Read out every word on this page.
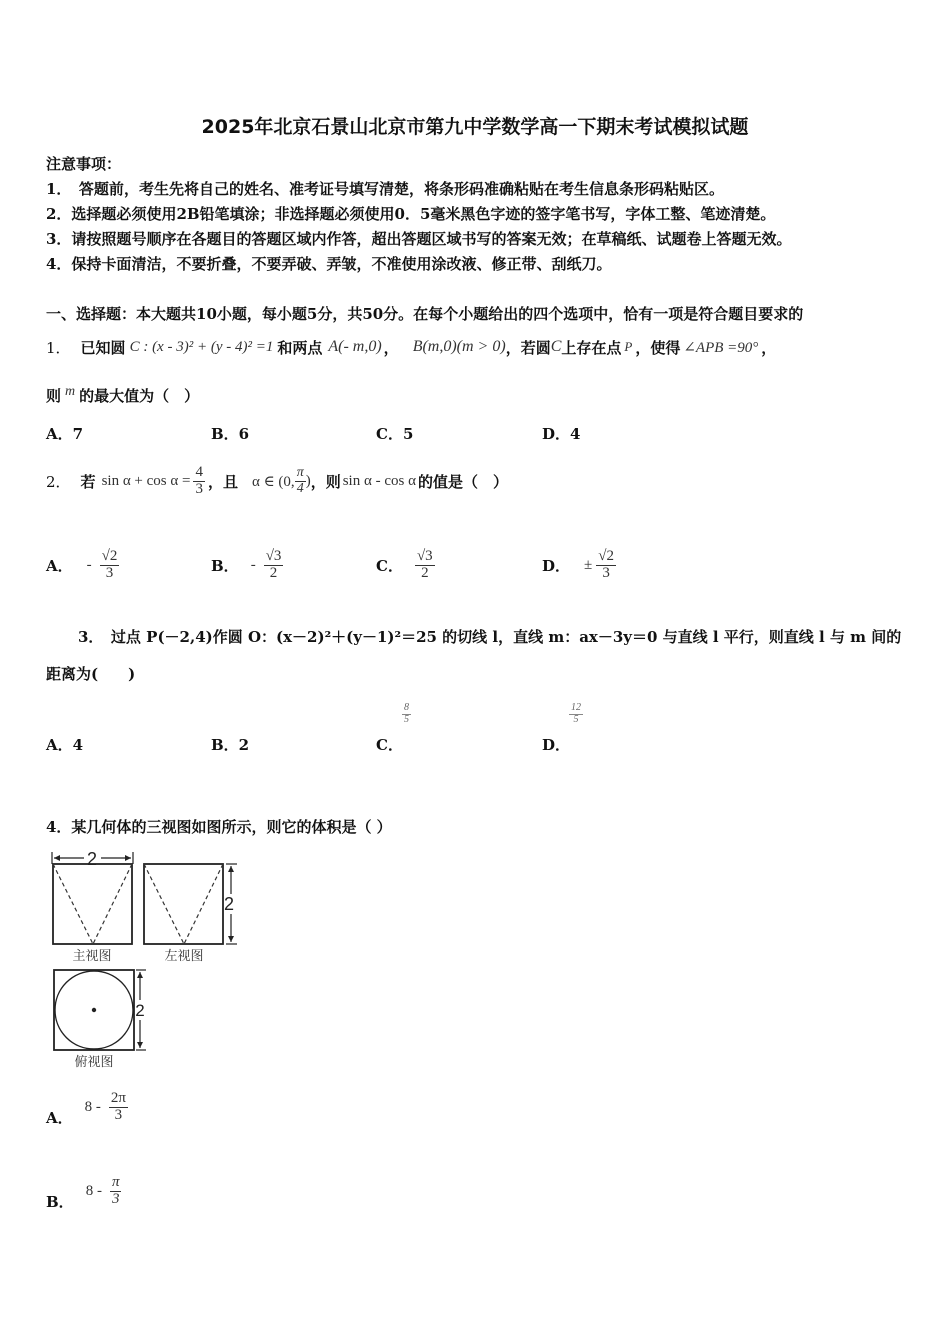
2025年北京石景山北京市第九中学数学高一下期末考试模拟试题
注意事项：
1．　答题前，考生先将自己的姓名、准考证号填写清楚，将条形码准确粘贴在考生信息条形码粘贴区。
2．选择题必须使用2B铅笔填涂；非选择题必须使用0．5毫米黑色字迹的签字笔书写，字体工整、笔迹清楚。
3．请按照题号顺序在各题目的答题区域内作答，超出答题区域书写的答案无效；在草稿纸、试题卷上答题无效。
4．保持卡面清洁，不要折叠，不要弄破、弄皱，不准使用涂改液、修正带、刮纸刀。
一、选择题：本大题共10小题，每小题5分，共50分。在每个小题给出的四个选项中，恰有一项是符合题目要求的
1． 已知圆 C : (x - 3)² + (y - 4)² =1 和两点 A(- m,0) ， B(m,0)(m > 0) ，若圆 C 上存在点 P ，使得 ∠APB =90° ，
则 m 的最大值为（　）
A．7	B．6	C．5	D．4
2． 若 $\sin \alpha + \cos \alpha = \frac{4}{3}$ ，且 α ∈ (0, $\frac{\pi}{4}$ ) ，则 sin α - cos α 的值是（　）
A． - $\frac{√2}{3}$	B． - $\frac{√3}{2}$	C． $\frac{√3}{2}$	D． ± $\frac{√2}{3}$
3．　过点 P(－2,4)作圆 O：(x－2)²＋(y－1)²＝25 的切线 l，直线 m：ax－3y＝0 与直线 l 平行，则直线 l 与 m 间的
距离为(　　)
A．4	B．2	C．
$\frac{8}{5}$
D．
$\frac{12}{5}$
4．某几何体的三视图如图所示，则它的体积是（ ）
2
主视图
2
左视图
2
俯视图
A．
$8 - \frac{2\pi}{3}$
B．
$8 - \frac{\pi}{3}$
